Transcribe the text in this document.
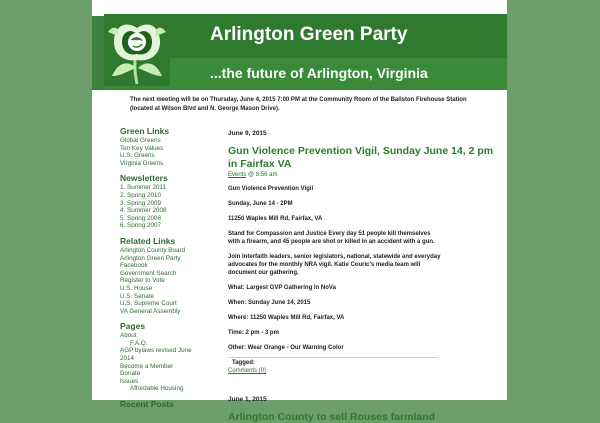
Arlington Green Party
...the future of Arlington, Virginia
The next meeting will be on Thursday, June 4, 2015 7:00 PM at the Community Room of the Ballston Firehouse Station (located at Wilson Blvd and N. George Mason Drive).
Green Links
Global Greens
Ten Key Values
U.S. Greens
Virginia Greens
Newsletters
1. Summer 2011
2. Spring 2010
3. Spring 2009
4. Summer 2008
5. Spring 2008
6. Spring 2007
Related Links
Arlington County Board
Arlington Green Party Facebook
Government Search
Register to Vote
U.S. House
U.S. Senate
U.S. Supreme Court
VA General Assembly
Pages
About
F.A.Q.
AGP bylaws revised June 2014
Become a Member
Donate
Issues
Affordable Housing
Recent Posts
June 9, 2015
Gun Violence Prevention Vigil, Sunday June 14, 2 pm in Fairfax VA
Events @ 8:56 am
Gun Violence Prevention Vigil
Sunday, June 14 - 2PM
11250 Waples Mill Rd, Fairfax, VA
Stand for Compassion and Justice Every day 51 people kill themselves with a firearm, and 45 people are shot or killed in an accident with a gun.
Join Interfaith leaders, senior legislators, national, statewide and everyday advocates for the monthly NRA vigil. Katie Couric's media team will document our gathering.
What: Largest GVP Gathering in NoVa
When: Sunday June 14, 2015
Where: 11250 Waples Mill Rd, Fairfax, VA
Time: 2 pm - 3 pm
Other: Wear Orange - Our Warning Color
Tagged:
Comments (0)
June 1, 2015
Arlington County to sell Rouses farmland
